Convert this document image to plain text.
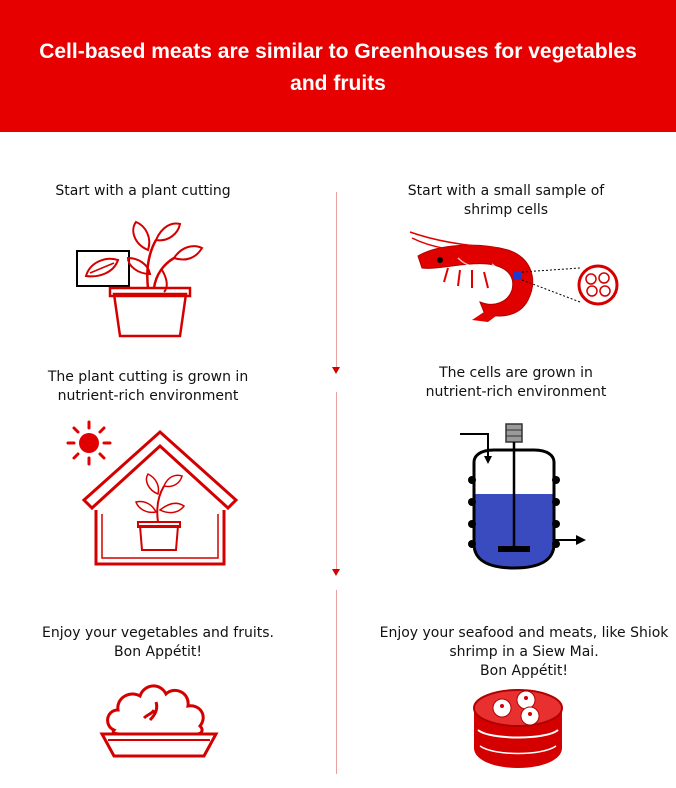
Cell-based meats are similar to Greenhouses for vegetables and fruits
Start with a plant cutting	Start with a small sample of
shrimp cells
The plant cutting is grown in
nutrient-rich environment
The cells are grown in
nutrient-rich environment
Enjoy your vegetables and fruits.
Bon Appétit!
Enjoy your seafood and meats, like Shiok
shrimp in a Siew Mai.
Bon Appétit!
